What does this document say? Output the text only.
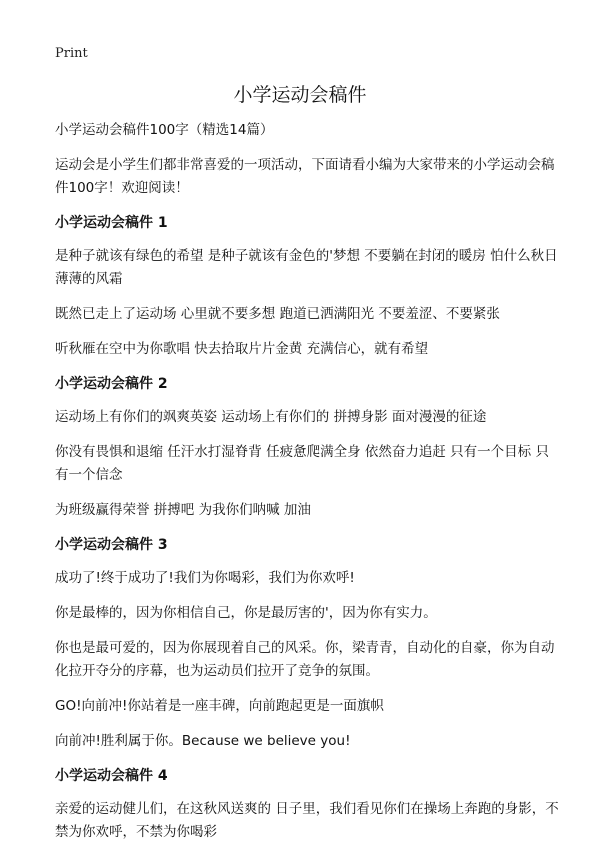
Print
小学运动会稿件

小学运动会稿件100字（精选14篇）

运动会是小学生们都非常喜爱的一项活动，下面请看小编为大家带来的小学运动会稿件100字！欢迎阅读！

小学运动会稿件 1

是种子就该有绿色的希望 是种子就该有金色的'梦想 不要躺在封闭的暖房 怕什么秋日薄薄的风霜

既然已走上了运动场 心里就不要多想 跑道已洒满阳光 不要羞涩、不要紧张

听秋雁在空中为你歌唱 快去拾取片片金黄 充满信心，就有希望

小学运动会稿件 2

运动场上有你们的飒爽英姿 运动场上有你们的 拼搏身影 面对漫漫的征途

你没有畏惧和退缩 任汗水打湿脊背 任疲惫爬满全身 依然奋力追赶 只有一个目标 只有一个信念

为班级赢得荣誉 拼搏吧 为我你们呐喊 加油

小学运动会稿件 3

成功了!终于成功了!我们为你喝彩，我们为你欢呼!

你是最棒的，因为你相信自己，你是最厉害的'，因为你有实力。

你也是最可爱的，因为你展现着自己的风采。你，梁青青，自动化的自豪，你为自动化拉开夺分的序幕，也为运动员们拉开了竞争的氛围。

GO!向前冲!你站着是一座丰碑，向前跑起更是一面旗帜

向前冲!胜利属于你。Because we believe you!

小学运动会稿件 4

亲爱的运动健儿们，在这秋风送爽的 日子里，我们看见你们在操场上奔跑的身影，不禁为你欢呼，不禁为你喝彩
